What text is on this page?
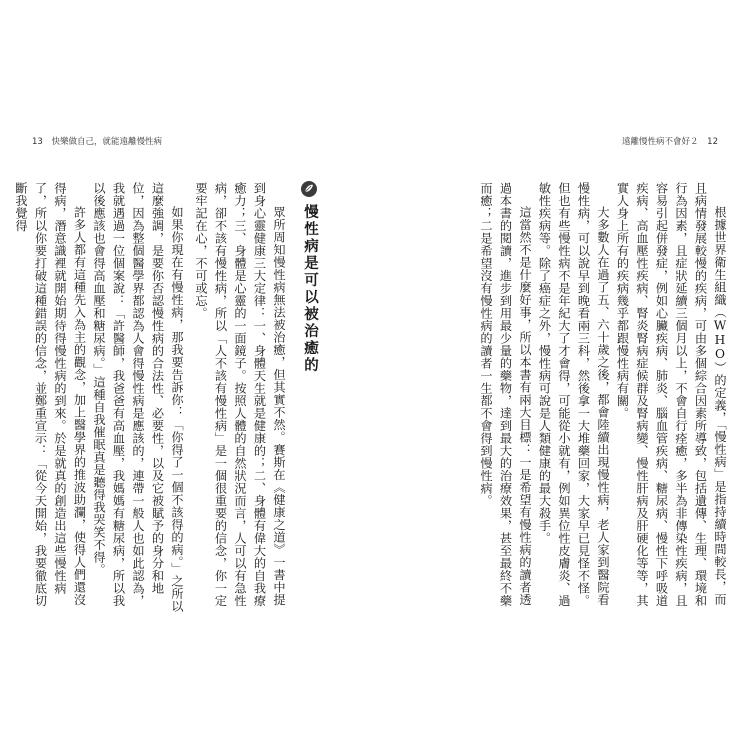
13 快樂做自己，就能遠離慢性病
慢性病是可以被治癒的

眾所周知慢性病無法被治癒，但其實不然。賽斯在《健康之道》一書中提到身心靈健康三大定律：一、身體天生就是健康的；二、身體有偉大的自我療癒力；三、身體是心靈的一面鏡子。按照人體的自然狀況而言，人可以有急性病，卻不該有慢性病，所以「人不該有慢性病」是一個很重要的信念，你一定要牢記在心，不可或忘。

如果你現在有慢性病，那我要告訴你：「你得了一個不該得的病。」之所以這麼強調，是要你否認慢性病的合法性、必要性，以及它被賦予的身分和地位，因為整個醫學界都認為人會得慢性病是應該的，連帶一般人也如此認為，我就遇過一位個案說：「許醫師，我爸爸有高血壓，我媽媽有糖尿病，所以我以後應該也會得高血壓和糖尿病。」這種自我催眠真是聽得我哭笑不得。

許多人都有這種先入為主的觀念，加上醫學界的推波助瀾，使得人們還沒得病，潛意識裡就開始期待得慢性病的到來。於是就真的創造出這些慢性病了，所以你要打破這種錯誤的信念，並鄭重宣示：「從今天開始，我要徹底切斷我覺得

遠離慢性病不會好２ 12

根據世界衛生組織（WHO）的定義，「慢性病」是指持續時間較長，而且病情發展較慢的疾病，可由多個綜合因素所導致，包括遺傳、生理、環境和行為因素，且症狀延續三個月以上，不會自行痊癒，多半為非傳染性疾病，且容易引起併發症，例如心臟疾病、肺炎、腦血管疾病、糖尿病、慢性下呼吸道疾病、高血壓性疾病、腎炎腎病症候群及腎病變、慢性肝病及肝硬化等等，其實人身上所有的疾病幾乎都跟慢性病有關。

大多數人在過了五、六十歲之後，都會陸續出現慢性病，老人家到醫院看慢性病，可以說早到晚看兩三科，然後拿一大堆藥回家，大家早已見怪不怪。但也有些慢性病不是年紀大了才會得，可能從小就有，例如異位性皮膚炎、過敏性疾病等。除了癌症之外，慢性病可說是人類健康的最大殺手。

這當然不是什麼好事，所以本書有兩大目標：一是希望有慢性病的讀者透過本書的閱讀，進步到用最少量的藥物，達到最大的治療效果，甚至最終不藥而癒；二是希望沒有慢性病的讀者一生都不會得到慢性病。
